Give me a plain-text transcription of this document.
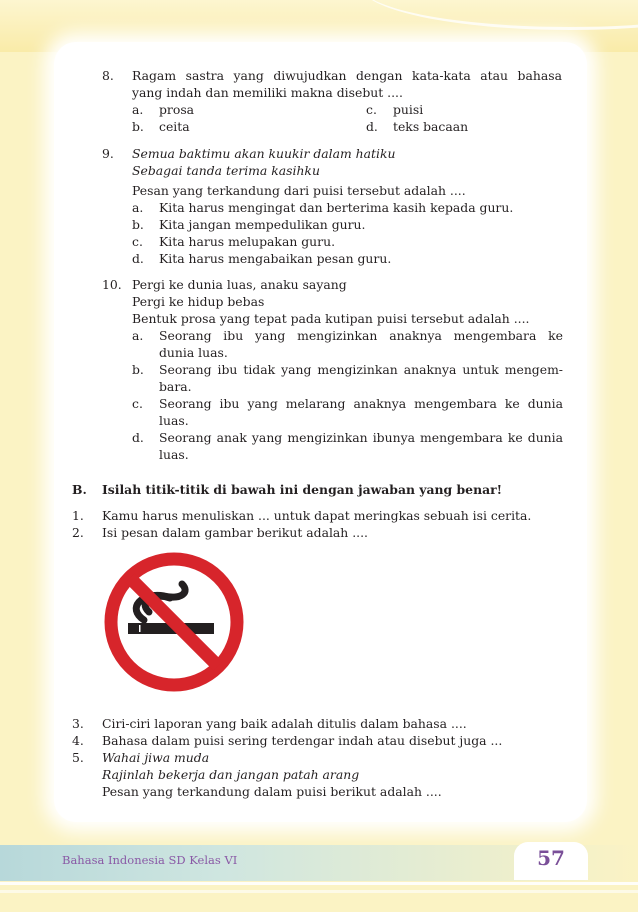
8. Ragam sastra yang diwujudkan dengan kata-kata atau bahasa
yang indah dan memiliki makna disebut ....
a. prosa
b. ceita
c. puisi
d. teks bacaan
9. Semua baktimu akan kuukir dalam hatiku
Sebagai tanda terima kasihku
Pesan yang terkandung dari puisi tersebut adalah ....
a. Kita harus mengingat dan berterima kasih kepada guru.
b. Kita jangan mempedulikan guru.
c. Kita harus melupakan guru.
d. Kita harus mengabaikan pesan guru.
10. Pergi ke dunia luas, anaku sayang
Pergi ke hidup bebas
Bentuk prosa yang tepat pada kutipan puisi tersebut adalah ....
a. Seorang ibu yang mengizinkan anaknya mengembara ke
dunia luas.
b. Seorang ibu tidak yang mengizinkan anaknya untuk mengem-
bara.
c. Seorang ibu yang melarang anaknya mengembara ke dunia
luas.
d. Seorang anak yang mengizinkan ibunya mengembara ke dunia
luas.
B. Isilah titik-titik di bawah ini dengan jawaban yang benar!
1. Kamu harus menuliskan ... untuk dapat meringkas sebuah isi cerita.
2. Isi pesan dalam gambar berikut adalah ....
3. Ciri-ciri laporan yang baik adalah ditulis dalam bahasa ....
4. Bahasa dalam puisi sering terdengar indah atau disebut juga ...
5. Wahai jiwa muda
Rajinlah bekerja dan jangan patah arang
Pesan yang terkandung dalam puisi berikut adalah ....
Bahasa Indonesia SD Kelas VI	57
